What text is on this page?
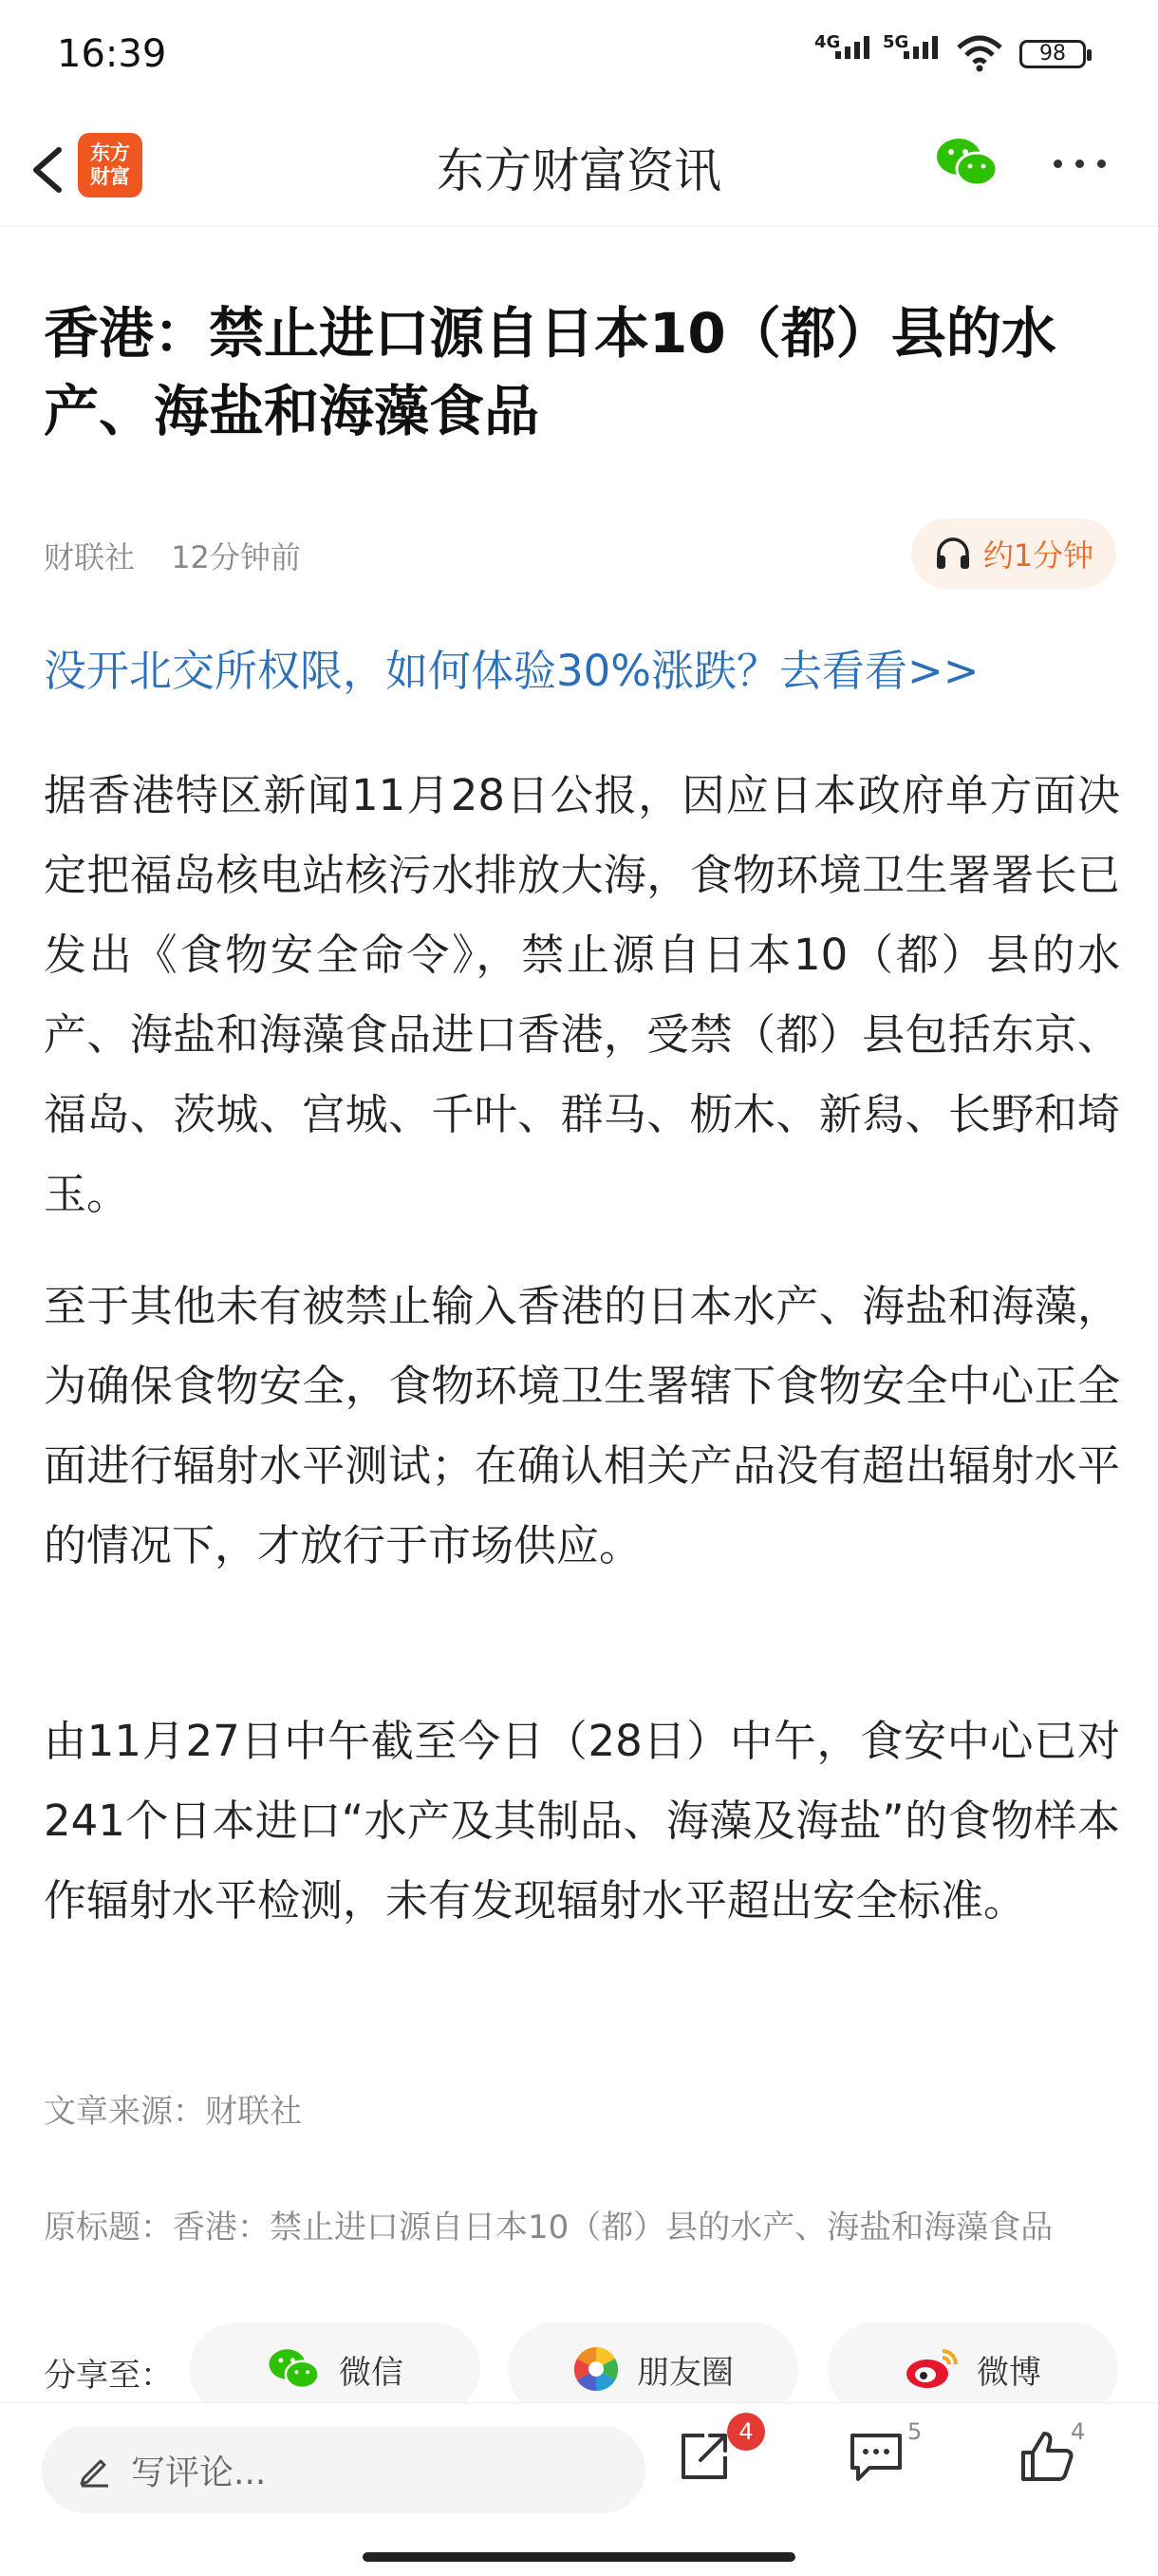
16:39	4G 5G	98
东方
财富	东方财富资讯
香港：禁止进口源自日本10（都）县的水产、海盐和海藻食品
财联社 12分钟前	约1分钟
没开北交所权限，如何体验30%涨跌？去看看>>

据香港特区新闻11月28日公报，因应日本政府单方面决定把福岛核电站核污水排放大海，食物环境卫生署署长已发出《食物安全命令》，禁止源自日本10（都）县的水产、海盐和海藻食品进口香港，受禁（都）县包括东京、福岛、茨城、宫城、千叶、群马、枥木、新舄、长野和埼玉。

至于其他未有被禁止输入香港的日本水产、海盐和海藻，为确保食物安全，食物环境卫生署辖下食物安全中心正全面进行辐射水平测试；在确认相关产品没有超出辐射水平的情况下，才放行于市场供应。

由11月27日中午截至今日（28日）中午，食安中心已对241个日本进口“水产及其制品、海藻及海盐”的食物样本作辐射水平检测，未有发现辐射水平超出安全标准。

文章来源：财联社
原标题：香港：禁止进口源自日本10（都）县的水产、海盐和海藻食品
分享至：	微信	朋友圈	微博
写评论...
4	5	4
